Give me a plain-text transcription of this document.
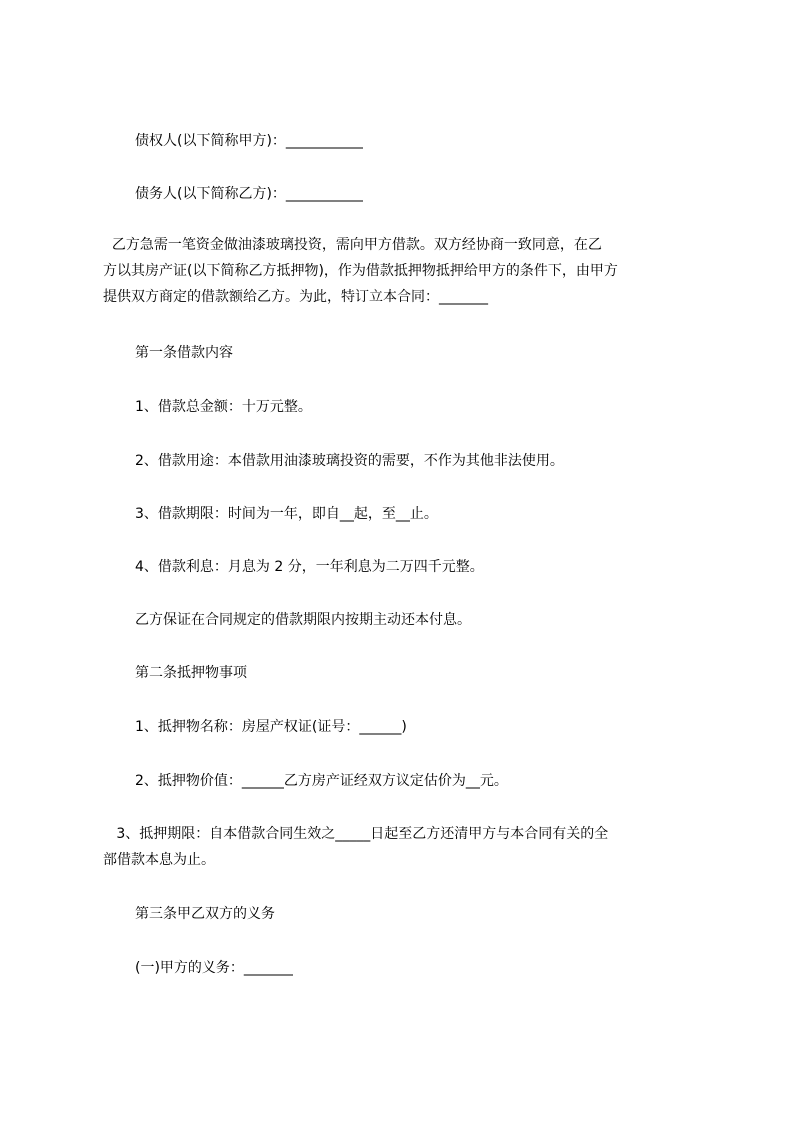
债权人(以下简称甲方)：___________
债务人(以下简称乙方)：___________
乙方急需一笔资金做油漆玻璃投资，需向甲方借款。双方经协商一致同意，在乙
方以其房产证(以下简称乙方抵押物)，作为借款抵押物抵押给甲方的条件下，由甲方
提供双方商定的借款额给乙方。为此，特订立本合同：_______
第一条借款内容
1、借款总金额：十万元整。
2、借款用途：本借款用油漆玻璃投资的需要，不作为其他非法使用。
3、借款期限：时间为一年，即自__起，至__止。
4、借款利息：月息为 2 分，一年利息为二万四千元整。
乙方保证在合同规定的借款期限内按期主动还本付息。
第二条抵押物事项
1、抵押物名称：房屋产权证(证号：______)
2、抵押物价值：______乙方房产证经双方议定估价为__元。
3、抵押期限：自本借款合同生效之_____日起至乙方还清甲方与本合同有关的全
部借款本息为止。
第三条甲乙双方的义务
(一)甲方的义务：_______
